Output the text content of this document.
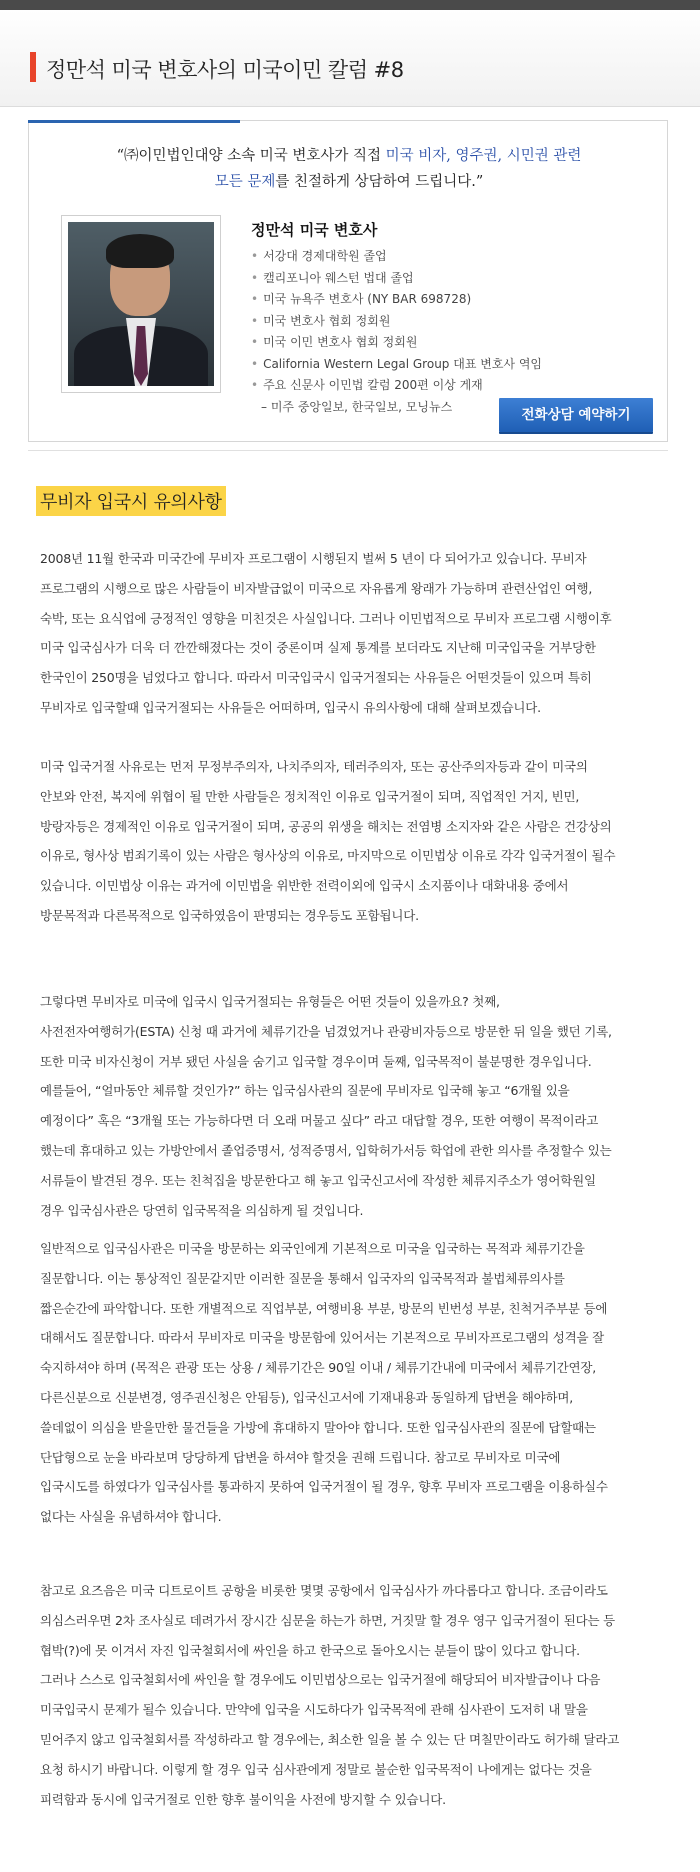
정만석 미국 변호사의 미국이민 칼럼 #8
“㈜이민법인대양 소속 미국 변호사가 직접 미국 비자, 영주권, 시민권 관련
모든 문제를 친절하게 상담하여 드립니다.”
정만석 미국 변호사
• 서강대 경제대학원 졸업
• 캘리포니아 웨스턴 법대 졸업
• 미국 뉴욕주 변호사 (NY BAR 698728)
• 미국 변호사 협회 정회원
• 미국 이민 변호사 협회 정회원
• California Western Legal Group 대표 변호사 역임
• 주요 신문사 이민법 칼럼 200편 이상 게재
– 미주 중앙일보, 한국일보, 모닝뉴스
전화상담 예약하기
무비자 입국시 유의사항
2008년 11월 한국과 미국간에 무비자 프로그램이 시행된지 벌써 5 년이 다 되어가고 있습니다. 무비자
프로그램의 시행으로 많은 사람들이 비자발급없이 미국으로 자유롭게 왕래가 가능하며 관련산업인 여행,
숙박, 또는 요식업에 긍정적인 영향을 미친것은 사실입니다. 그러나 이민법적으로 무비자 프로그램 시행이후
미국 입국심사가 더욱 더 깐깐해졌다는 것이 중론이며 실제 통계를 보더라도 지난해 미국입국을 거부당한
한국인이 250명을 넘었다고 합니다. 따라서 미국입국시 입국거절되는 사유들은 어떤것들이 있으며 특히
무비자로 입국할때 입국거절되는 사유들은 어떠하며, 입국시 유의사항에 대해 살펴보겠습니다.
미국 입국거절 사유로는 먼저 무정부주의자, 나치주의자, 테러주의자, 또는 공산주의자등과 같이 미국의
안보와 안전, 복지에 위협이 될 만한 사람들은 정치적인 이유로 입국거절이 되며, 직업적인 거지, 빈민,
방랑자등은 경제적인 이유로 입국거절이 되며, 공공의 위생을 해치는 전염병 소지자와 같은 사람은 건강상의
이유로, 형사상 범죄기록이 있는 사람은 형사상의 이유로, 마지막으로 이민법상 이유로 각각 입국거절이 될수
있습니다. 이민법상 이유는 과거에 이민법을 위반한 전력이외에 입국시 소지품이나 대화내용 중에서
방문목적과 다른목적으로 입국하였음이 판명되는 경우등도 포함됩니다.
그렇다면 무비자로 미국에 입국시 입국거절되는 유형들은 어떤 것들이 있을까요? 첫째,
사전전자여행허가(ESTA) 신청 때 과거에 체류기간을 넘겼었거나 관광비자등으로 방문한 뒤 일을 했던 기록,
또한 미국 비자신청이 거부 됐던 사실을 숨기고 입국할 경우이며 둘째, 입국목적이 불분명한 경우입니다.
예를들어, “얼마동안 체류할 것인가?” 하는 입국심사관의 질문에 무비자로 입국해 놓고 “6개월 있을
예정이다” 혹은 “3개월 또는 가능하다면 더 오래 머물고 싶다” 라고 대답할 경우, 또한 여행이 목적이라고
했는데 휴대하고 있는 가방안에서 졸업증명서, 성적증명서, 입학허가서등 학업에 관한 의사를 추정할수 있는
서류들이 발견된 경우. 또는 친척집을 방문한다고 해 놓고 입국신고서에 작성한 체류지주소가 영어학원일
경우 입국심사관은 당연히 입국목적을 의심하게 될 것입니다.
일반적으로 입국심사관은 미국을 방문하는 외국인에게 기본적으로 미국을 입국하는 목적과 체류기간을
질문합니다. 이는 통상적인 질문같지만 이러한 질문을 통해서 입국자의 입국목적과 불법체류의사를
짧은순간에 파악합니다. 또한 개별적으로 직업부분, 여행비용 부분, 방문의 빈번성 부분, 친척거주부분 등에
대해서도 질문합니다. 따라서 무비자로 미국을 방문함에 있어서는 기본적으로 무비자프로그램의 성격을 잘
숙지하셔야 하며 (목적은 관광 또는 상용 / 체류기간은 90일 이내 / 체류기간내에 미국에서 체류기간연장,
다른신분으로 신분변경, 영주권신청은 안됨등), 입국신고서에 기재내용과 동일하게 답변을 해야하며,
쓸데없이 의심을 받을만한 물건들을 가방에 휴대하지 말아야 합니다. 또한 입국심사관의 질문에 답할때는
단답형으로 눈을 바라보며 당당하게 답변을 하셔야 할것을 권해 드립니다. 참고로 무비자로 미국에
입국시도를 하였다가 입국심사를 통과하지 못하여 입국거절이 될 경우, 향후 무비자 프로그램을 이용하실수
없다는 사실을 유념하셔야 합니다.
참고로 요즈음은 미국 디트로이트 공항을 비롯한 몇몇 공항에서 입국심사가 까다롭다고 합니다. 조금이라도
의심스러우면 2차 조사실로 데려가서 장시간 심문을 하는가 하면, 거짓말 할 경우 영구 입국거절이 된다는 등
협박(?)에 못 이겨서 자진 입국철회서에 싸인을 하고 한국으로 돌아오시는 분들이 많이 있다고 합니다.
그러나 스스로 입국철회서에 싸인을 할 경우에도 이민법상으로는 입국거절에 해당되어 비자발급이나 다음
미국입국시 문제가 될수 있습니다. 만약에 입국을 시도하다가 입국목적에 관해 심사관이 도저히 내 말을
믿어주지 않고 입국철회서를 작성하라고 할 경우에는, 최소한 일을 볼 수 있는 단 며칠만이라도 허가해 달라고
요청 하시기 바랍니다. 이렇게 할 경우 입국 심사관에게 정말로 불순한 입국목적이 나에게는 없다는 것을
피력함과 동시에 입국거절로 인한 향후 불이익을 사전에 방지할 수 있습니다.
